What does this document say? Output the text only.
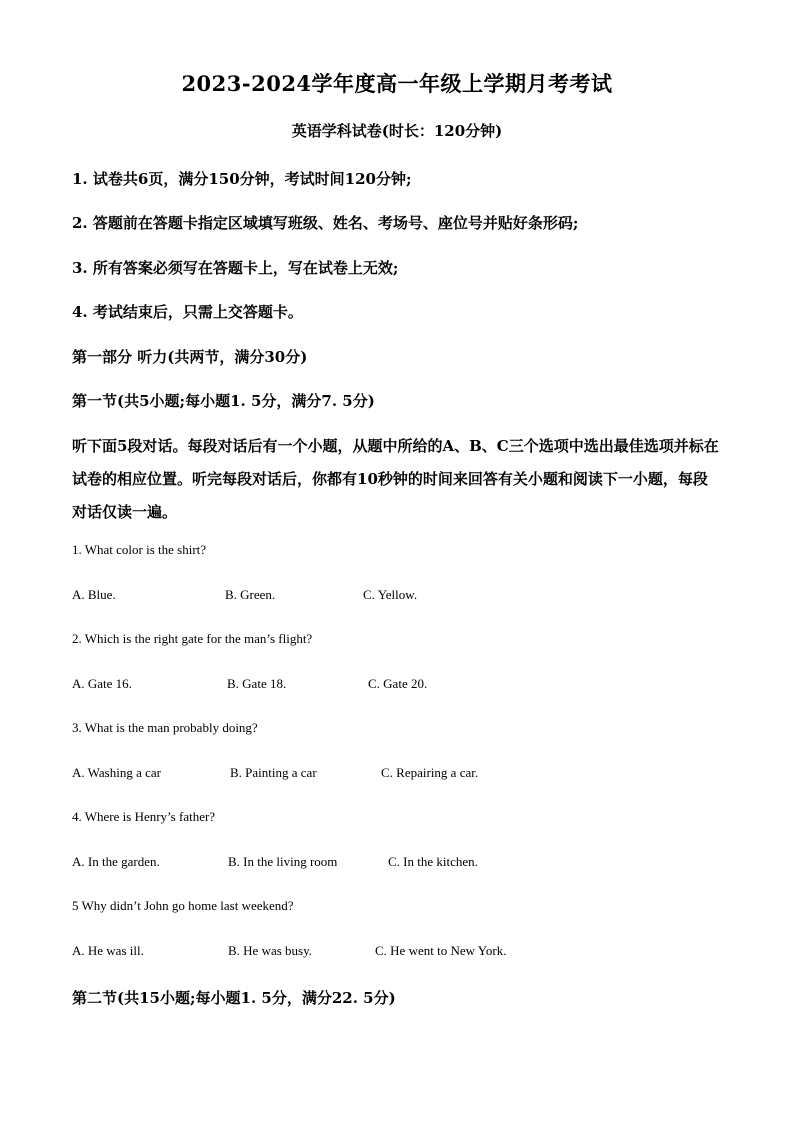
2023-2024学年度高一年级上学期月考考试
英语学科试卷(时长：120分钟)
1. 试卷共6页，满分150分钟，考试时间120分钟;
2. 答题前在答题卡指定区域填写班级、姓名、考场号、座位号并贴好条形码;
3. 所有答案必须写在答题卡上，写在试卷上无效;
4. 考试结束后，只需上交答题卡。
第一部分 听力(共两节，满分30分)
第一节(共5小题;每小题1. 5分，满分7. 5分)
听下面5段对话。每段对话后有一个小题，从题中所给的A、B、C三个选项中选出最佳选项并标在试卷的相应位置。听完每段对话后，你都有10秒钟的时间来回答有关小题和阅读下一小题，每段对话仅读一遍。
1. What color is the shirt?
A. Blue.	B. Green.	C. Yellow.
2. Which is the right gate for the man’s flight?
A. Gate 16.	B. Gate 18.	C. Gate 20.
3. What is the man probably doing?
A. Washing a car	B. Painting a car	C. Repairing a car.
4. Where is Henry’s father?
A. In the garden.	B. In the living room	C. In the kitchen.
5 Why didn’t John go home last weekend?
A. He was ill.	B. He was busy.	C. He went to New York.
第二节(共15小题;每小题1. 5分，满分22. 5分)
